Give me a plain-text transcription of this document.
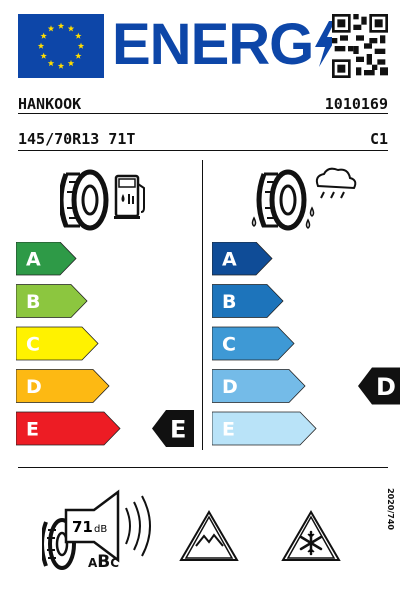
ENERG
HANKOOK	1010169
145/70R13 71T	C1
A
B
C
D
E	E
A
B
C
D
E
D
71 dB
ABC
2020/740
